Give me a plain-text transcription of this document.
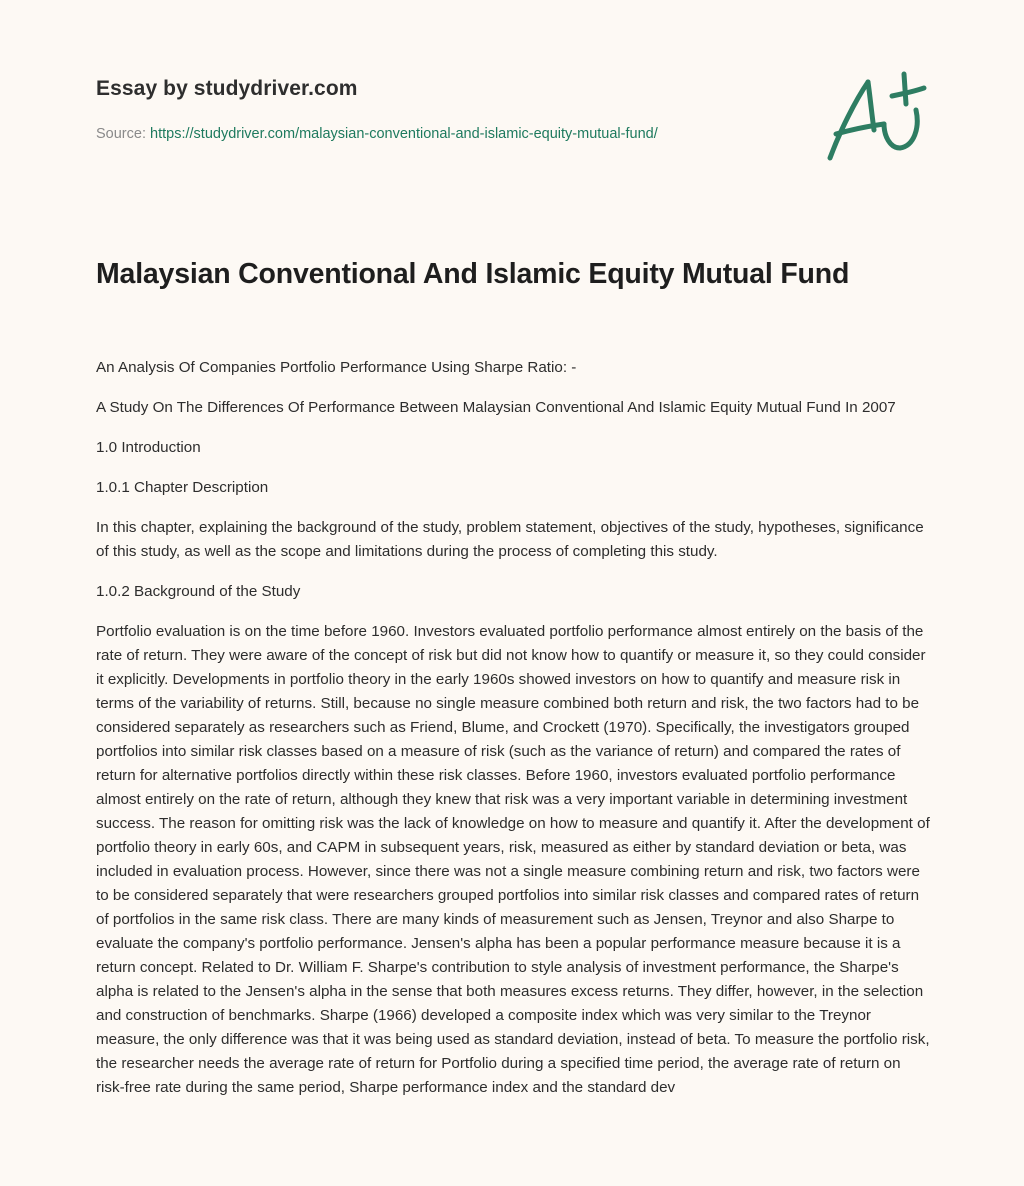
Essay by studydriver.com
Source: https://studydriver.com/malaysian-conventional-and-islamic-equity-mutual-fund/
Malaysian Conventional And Islamic Equity Mutual Fund

An Analysis Of Companies Portfolio Performance Using Sharpe Ratio: -

A Study On The Differences Of Performance Between Malaysian Conventional And Islamic Equity Mutual Fund In 2007

1.0 Introduction

1.0.1 Chapter Description

In this chapter, explaining the background of the study, problem statement, objectives of the study, hypotheses, significance of this study, as well as the scope and limitations during the process of completing this study.

1.0.2 Background of the Study

Portfolio evaluation is on the time before 1960. Investors evaluated portfolio performance almost entirely on the basis of the rate of return. They were aware of the concept of risk but did not know how to quantify or measure it, so they could consider it explicitly. Developments in portfolio theory in the early 1960s showed investors on how to quantify and measure risk in terms of the variability of returns. Still, because no single measure combined both return and risk, the two factors had to be considered separately as researchers such as Friend, Blume, and Crockett (1970). Specifically, the investigators grouped portfolios into similar risk classes based on a measure of risk (such as the variance of return) and compared the rates of return for alternative portfolios directly within these risk classes. Before 1960, investors evaluated portfolio performance almost entirely on the rate of return, although they knew that risk was a very important variable in determining investment success. The reason for omitting risk was the lack of knowledge on how to measure and quantify it. After the development of portfolio theory in early 60s, and CAPM in subsequent years, risk, measured as either by standard deviation or beta, was included in evaluation process. However, since there was not a single measure combining return and risk, two factors were to be considered separately that were researchers grouped portfolios into similar risk classes and compared rates of return of portfolios in the same risk class. There are many kinds of measurement such as Jensen, Treynor and also Sharpe to evaluate the company's portfolio performance. Jensen's alpha has been a popular performance measure because it is a return concept. Related to Dr. William F. Sharpe's contribution to style analysis of investment performance, the Sharpe's alpha is related to the Jensen's alpha in the sense that both measures excess returns. They differ, however, in the selection and construction of benchmarks. Sharpe (1966) developed a composite index which was very similar to the Treynor measure, the only difference was that it was being used as standard deviation, instead of beta. To measure the portfolio risk, the researcher needs the average rate of return for Portfolio during a specified time period, the average rate of return on risk-free rate during the same period, Sharpe performance index and the standard dev
